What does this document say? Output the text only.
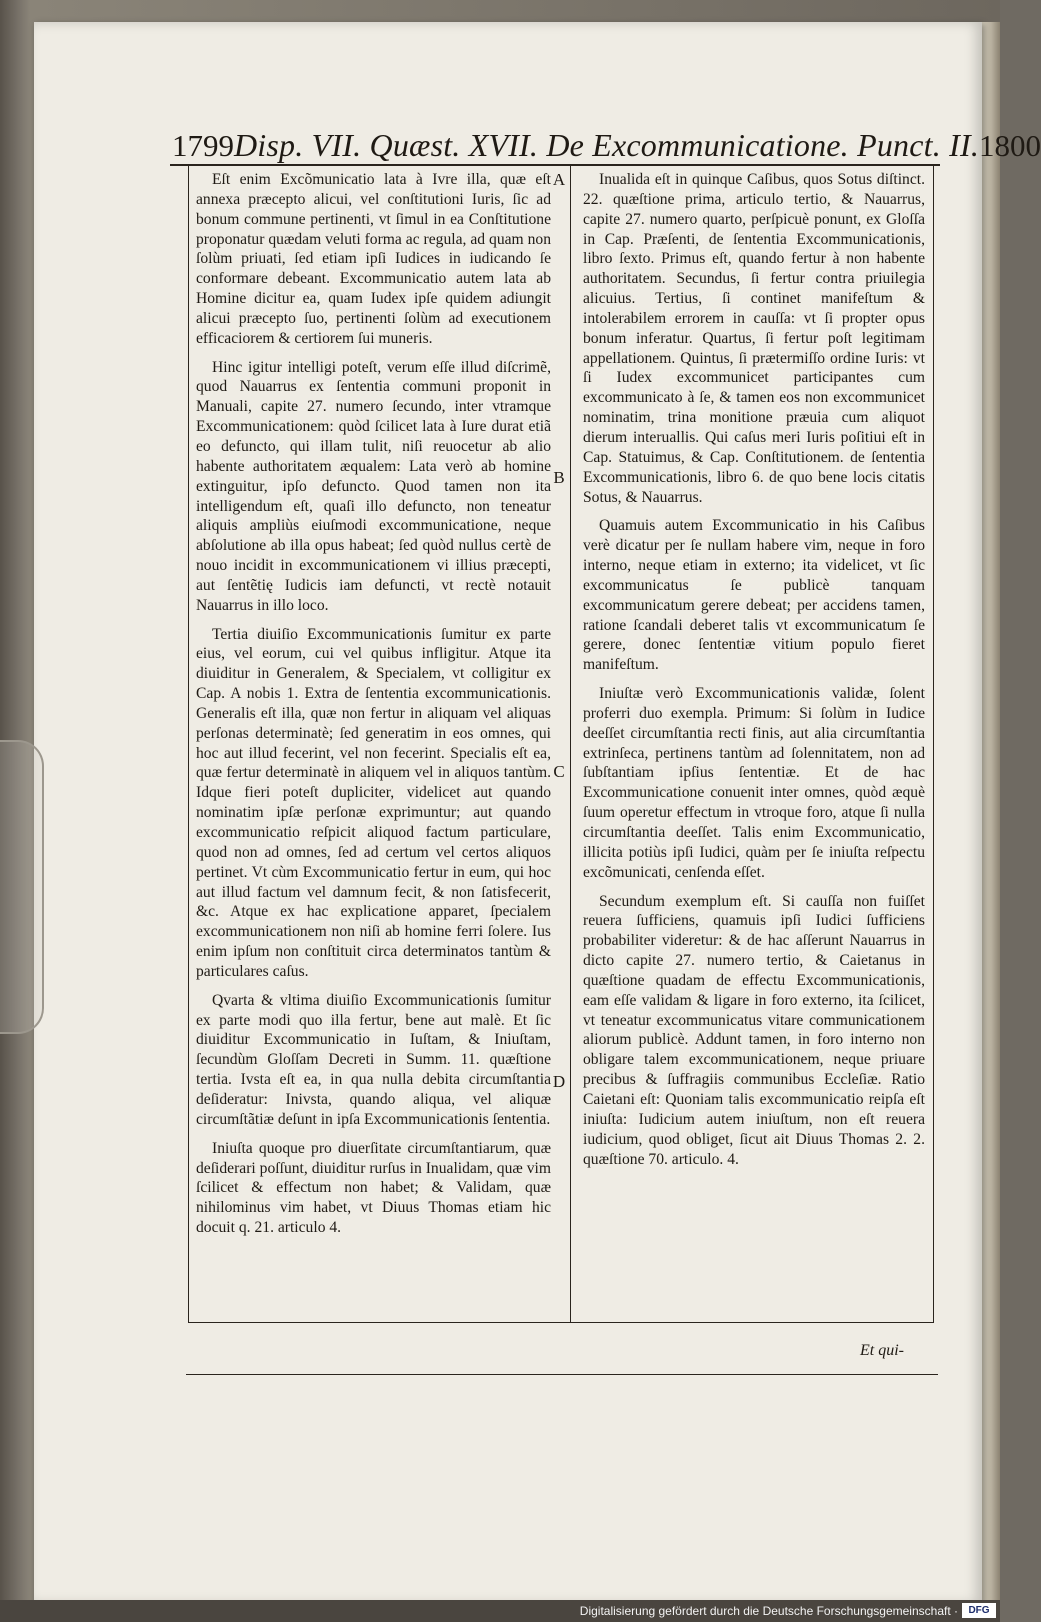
1799 Disp. VII. Quæst. XVII. De Excommunicatione. Punct. II. 1800

Eſt enim Excõmunicatio lata à Ivre illa, quæ eſt annexa præcepto alicui, vel conſtitutioni Iuris, ſic ad bonum commune pertinenti, vt ſimul in ea Conſtitutione proponatur quædam veluti forma ac regula, ad quam non ſolùm priuati, ſed etiam ipſi Iudices in iudicando ſe conformare debeant. Excommunicatio autem lata ab Homine dicitur ea, quam Iudex ipſe quidem adiungit alicui præcepto ſuo, pertinenti ſolùm ad executionem efficaciorem & certiorem ſui muneris.

Hinc igitur intelligi poteſt, verum eſſe illud diſcrimẽ, quod Nauarrus ex ſententia communi proponit in Manuali, capite 27. numero ſecundo, inter vtramque Excommunicationem: quòd ſcilicet lata à Iure durat etiã eo defuncto, qui illam tulit, niſi reuocetur ab alio habente authoritatem æqualem: Lata verò ab homine extinguitur, ipſo defuncto. Quod tamen non ita intelligendum eſt, quaſi illo defuncto, non teneatur aliquis ampliùs eiuſmodi excommunicatione, neque abſolutione ab illa opus habeat; ſed quòd nullus certè de nouo incidit in excommunicationem vi illius præcepti, aut ſentẽtię Iudicis iam defuncti, vt rectè notauit Nauarrus in illo loco.

Tertia diuiſio Excommunicationis ſumitur ex parte eius, vel eorum, cui vel quibus infligitur. Atque ita diuiditur in Generalem, & Specialem, vt colligitur ex Cap. A nobis 1. Extra de ſententia excommunicationis. Generalis eſt illa, quæ non fertur in aliquam vel aliquas perſonas determinatè; ſed generatim in eos omnes, qui hoc aut illud fecerint, vel non fecerint. Specialis eſt ea, quæ fertur determinatè in aliquem vel in aliquos tantùm. Idque fieri poteſt dupliciter, videlicet aut quando nominatim ipſæ perſonæ exprimuntur; aut quando excommunicatio reſpicit aliquod factum particulare, quod non ad omnes, ſed ad certum vel certos aliquos pertinet. Vt cùm Excommunicatio fertur in eum, qui hoc aut illud factum vel damnum fecit, & non ſatisfecerit, &c. Atque ex hac explicatione apparet, ſpecialem excommunicationem non niſi ab homine ferri ſolere. Ius enim ipſum non conſtituit circa determinatos tantùm & particulares caſus.

Qvarta & vltima diuiſio Excommunicationis ſumitur ex parte modi quo illa fertur, bene aut malè. Et ſic diuiditur Excommunicatio in Iuſtam, & Iniuſtam, ſecundùm Gloſſam Decreti in Summ. 11. quæſtione tertia. Ivsta eſt ea, in qua nulla debita circumſtantia deſideratur: Inivsta, quando aliqua, vel aliquæ circumſtãtiæ deſunt in ipſa Excommunicationis ſententia.

Iniuſta quoque pro diuerſitate circumſtantiarum, quæ deſiderari poſſunt, diuiditur rurſus in Inualidam, quæ vim ſcilicet & effectum non habet; & Validam, quæ nihilominus vim habet, vt Diuus Thomas etiam hic docuit q. 21. articulo 4.

Inualida eſt in quinque Caſibus, quos Sotus diſtinct. 22. quæſtione prima, articulo tertio, & Nauarrus, capite 27. numero quarto, perſpicuè ponunt, ex Gloſſa in Cap. Præſenti, de ſententia Excommunicationis, libro ſexto. Primus eſt, quando fertur à non habente authoritatem. Secundus, ſi fertur contra priuilegia alicuius. Tertius, ſi continet manifeſtum & intolerabilem errorem in cauſſa: vt ſi propter opus bonum inferatur. Quartus, ſi fertur poſt legitimam appellationem. Quintus, ſi prætermiſſo ordine Iuris: vt ſi Iudex excommunicet participantes cum excommunicato à ſe, & tamen eos non excommunicet nominatim, trina monitione præuia cum aliquot dierum interuallis. Qui caſus meri Iuris poſitiui eſt in Cap. Statuimus, & Cap. Conſtitutionem. de ſententia Excommunicationis, libro 6. de quo bene locis citatis Sotus, & Nauarrus.

Quamuis autem Excommunicatio in his Caſibus verè dicatur per ſe nullam habere vim, neque in foro interno, neque etiam in externo; ita videlicet, vt ſic excommunicatus ſe publicè tanquam excommunicatum gerere debeat; per accidens tamen, ratione ſcandali deberet talis vt excommunicatum ſe gerere, donec ſententiæ vitium populo fieret manifeſtum.

Iniuſtæ verò Excommunicationis validæ, ſolent proferri duo exempla. Primum: Si ſolùm in Iudice deeſſet circumſtantia recti finis, aut alia circumſtantia extrinſeca, pertinens tantùm ad ſolennitatem, non ad ſubſtantiam ipſius ſententiæ. Et de hac Excommunicatione conuenit inter omnes, quòd æquè ſuum operetur effectum in vtroque foro, atque ſi nulla circumſtantia deeſſet. Talis enim Excommunicatio, illicita potiùs ipſi Iudici, quàm per ſe iniuſta reſpectu excõmunicati, cenſenda eſſet.

Secundum exemplum eſt. Si cauſſa non fuiſſet reuera ſufficiens, quamuis ipſi Iudici ſufficiens probabiliter videretur: & de hac aſſerunt Nauarrus in dicto capite 27. numero tertio, & Caietanus in quæſtione quadam de effectu Excommunicationis, eam eſſe validam & ligare in foro externo, ita ſcilicet, vt teneatur excommunicatus vitare communicationem aliorum publicè. Addunt tamen, in foro interno non obligare talem excommunicationem, neque priuare precibus & ſuffragiis communibus Eccleſiæ. Ratio Caietani eſt: Quoniam talis excommunicatio reipſa eſt iniuſta: Iudicium autem iniuſtum, non eſt reuera iudicium, quod obliget, ſicut ait Diuus Thomas 2. 2. quæſtione 70. articulo. 4.

A
B
C
D
Et qui-
Digitalisierung gefördert durch die Deutsche Forschungsgemeinschaft ·	DFG
